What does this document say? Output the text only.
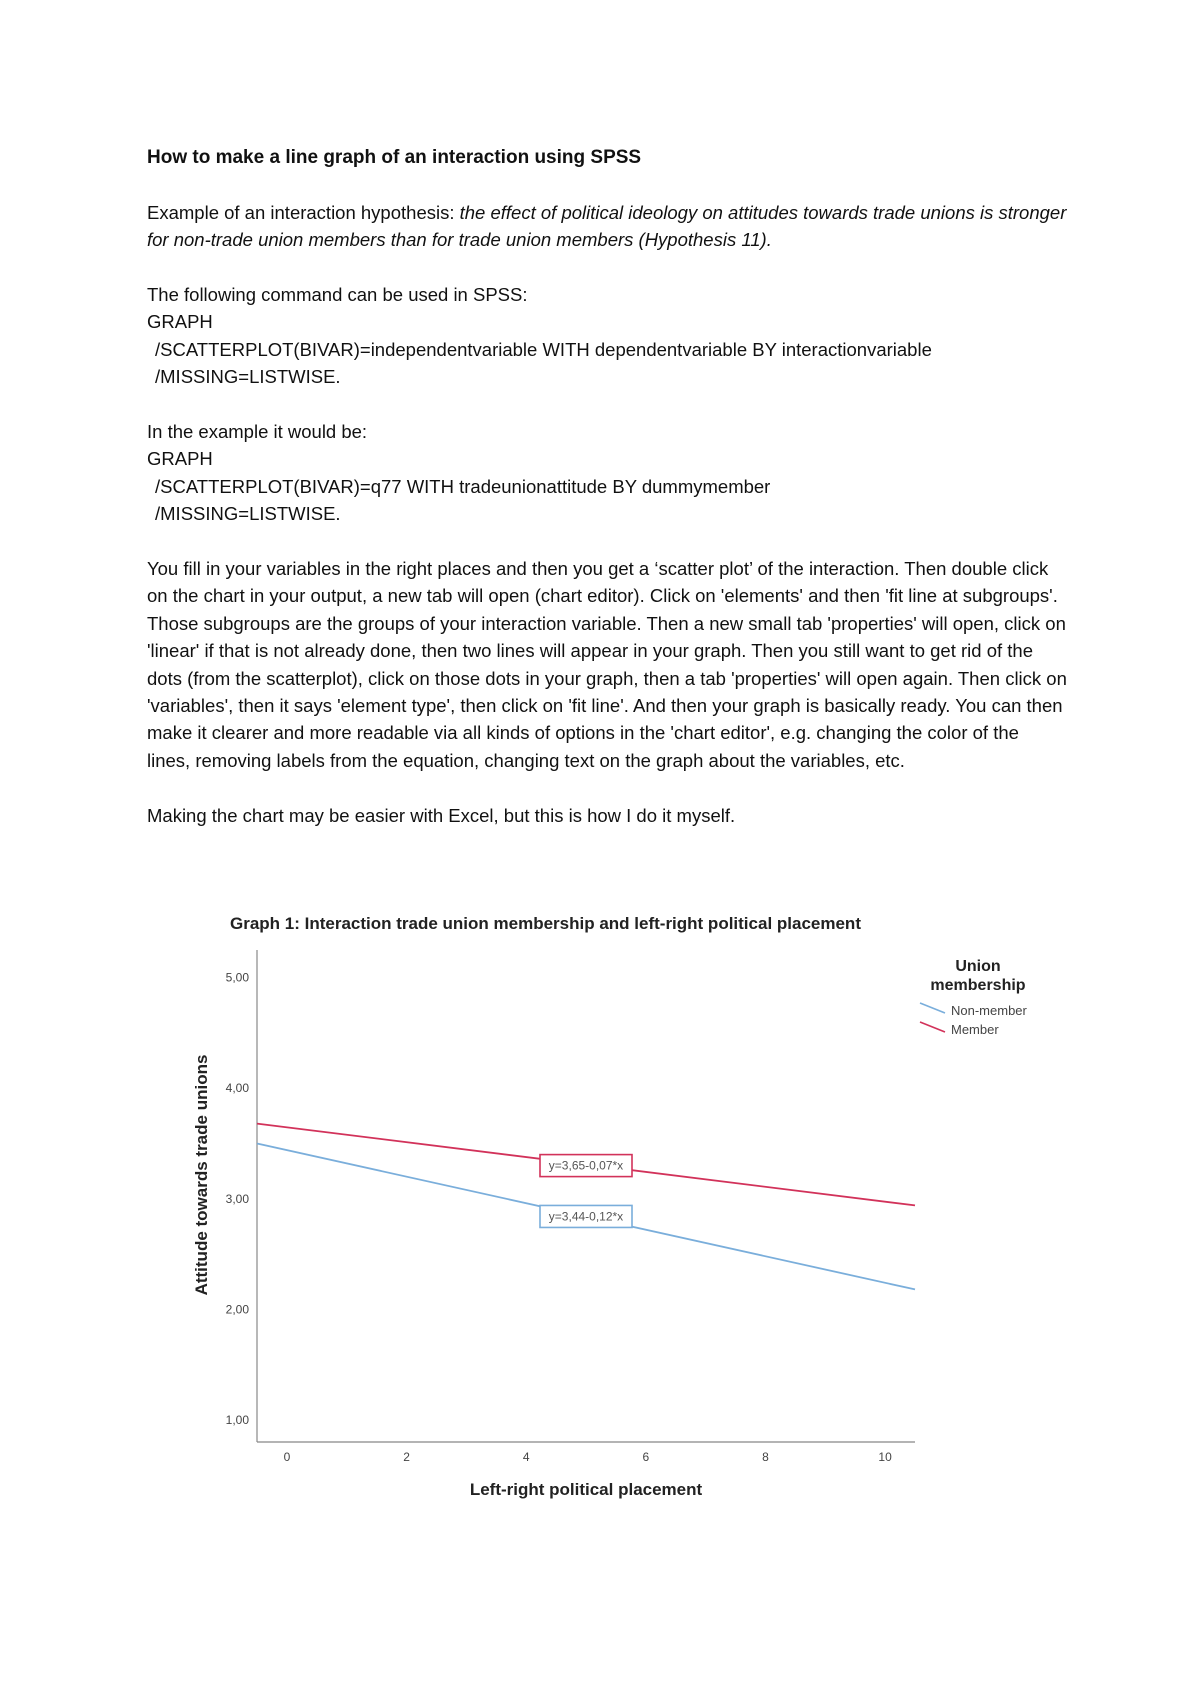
How to make a line graph of an interaction using SPSS

Example of an interaction hypothesis: the effect of political ideology on attitudes towards trade unions is stronger for non-trade union members than for trade union members (Hypothesis 11).

The following command can be used in SPSS:

GRAPH

/SCATTERPLOT(BIVAR)=independentvariable WITH dependentvariable BY interactionvariable

/MISSING=LISTWISE.

In the example it would be:

GRAPH

/SCATTERPLOT(BIVAR)=q77 WITH tradeunionattitude BY dummymember

/MISSING=LISTWISE.

You fill in your variables in the right places and then you get a ‘scatter plot’ of the interaction. Then double click on the chart in your output, a new tab will open (chart editor). Click on 'elements' and then 'fit line at subgroups'. Those subgroups are the groups of your interaction variable. Then a new small tab 'properties' will open, click on 'linear' if that is not already done, then two lines will appear in your graph. Then you still want to get rid of the dots (from the scatterplot), click on those dots in your graph, then a tab 'properties' will open again. Then click on 'variables', then it says 'element type', then click on 'fit line'. And then your graph is basically ready. You can then make it clearer and more readable via all kinds of options in the 'chart editor', e.g. changing the color of the lines, removing labels from the equation, changing text on the graph about the variables, etc.

Making the chart may be easier with Excel, but this is how I do it myself.

Graph 1: Interaction trade union membership and left-right political placement
1,00
2,00
3,00
4,00
5,00
0	2	4	6	8	10
y=3,44-0,12*x
y=3,65-0,07*x
Attitude towards trade unions
Left-right political placement
Union membership
Non-member
Member
